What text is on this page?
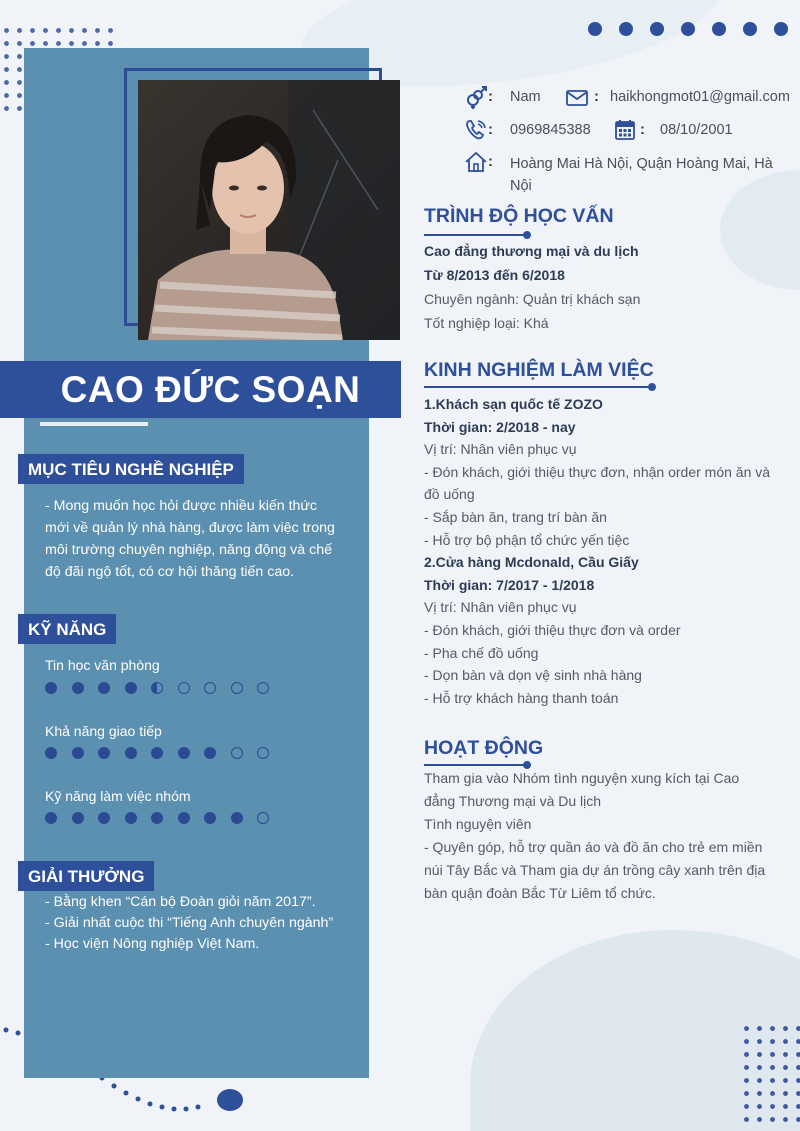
CAO ĐỨC SOẠN
MỤC TIÊU NGHỀ NGHIỆP
- Mong muốn học hỏi được nhiều kiến thức
mới về quản lý nhà hàng, được làm việc trong
môi trường chuyên nghiệp, năng động và chế
độ đãi ngộ tốt, có cơ hội thăng tiến cao.
KỸ NĂNG
Tin học văn phòng
Khả năng giao tiếp
Kỹ năng làm việc nhóm
GIẢI THƯỞNG
- Bằng khen “Cán bộ Đoàn giỏi năm 2017”.
- Giải nhất cuộc thi “Tiếng Anh chuyên ngành”
- Học viện Nông nghiệp Việt Nam.
: Nam	: haikhongmot01@gmail.com
: 0969845388	: 08/10/2001
: Hoàng Mai Hà Nội, Quận Hoàng Mai, Hà
Nội
TRÌNH ĐỘ HỌC VẤN
Cao đẳng thương mại và du lịch
Từ 8/2013 đến 6/2018
Chuyên ngành: Quản trị khách sạn
Tốt nghiệp loại: Khá
KINH NGHIỆM LÀM VIỆC
1.Khách sạn quốc tế ZOZO
Thời gian: 2/2018 - nay
Vị trí: Nhân viên phục vụ
- Đón khách, giới thiệu thực đơn, nhận order món ăn và
đồ uống
- Sắp bàn ăn, trang trí bàn ăn
- Hỗ trợ bộ phận tổ chức yến tiệc
2.Cửa hàng Mcdonald, Cầu Giấy
Thời gian: 7/2017 - 1/2018
Vị trí: Nhân viên phục vụ
- Đón khách, giới thiệu thực đơn và order
- Pha chế đồ uống
- Dọn bàn và dọn vệ sinh nhà hàng
- Hỗ trợ khách hàng thanh toán
HOẠT ĐỘNG
Tham gia vào Nhóm tình nguyện xung kích tại Cao
đẳng Thương mại và Du lịch
Tình nguyện viên
- Quyên góp, hỗ trợ quần áo và đồ ăn cho trẻ em miền
núi Tây Bắc và Tham gia dự án trồng cây xanh trên địa
bàn quận đoàn Bắc Từ Liêm tổ chức.
